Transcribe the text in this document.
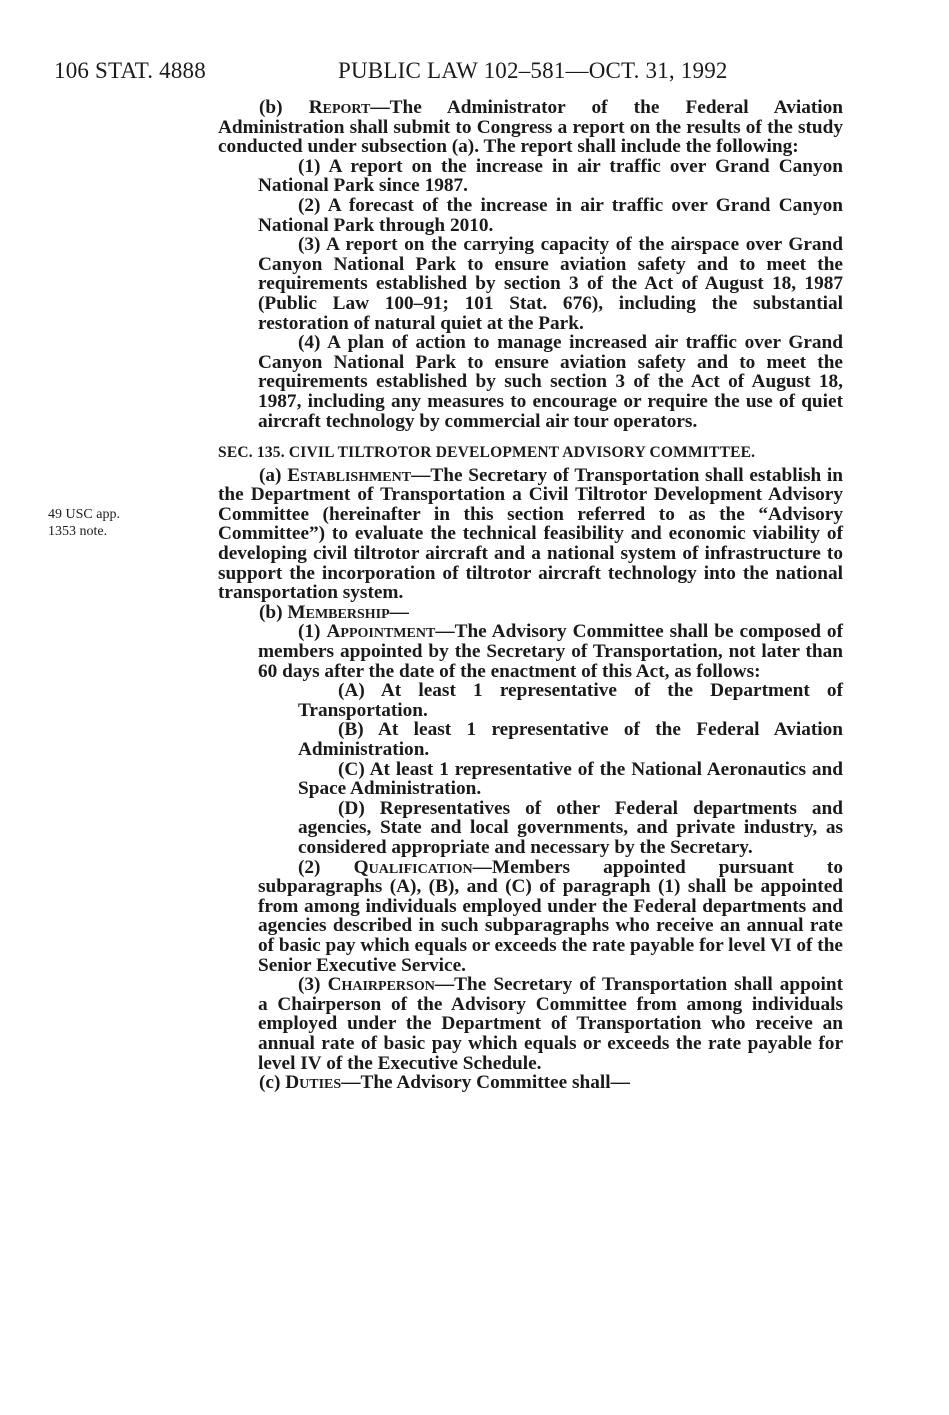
106 STAT. 4888	PUBLIC LAW 102–581—OCT. 31, 1992
49 USC app.
1353 note.

(b) Report—The Administrator of the Federal Aviation Administration shall submit to Congress a report on the results of the study conducted under subsection (a). The report shall include the following:

(1) A report on the increase in air traffic over Grand Canyon National Park since 1987.

(2) A forecast of the increase in air traffic over Grand Canyon National Park through 2010.

(3) A report on the carrying capacity of the airspace over Grand Canyon National Park to ensure aviation safety and to meet the requirements established by section 3 of the Act of August 18, 1987 (Public Law 100–91; 101 Stat. 676), including the substantial restoration of natural quiet at the Park.

(4) A plan of action to manage increased air traffic over Grand Canyon National Park to ensure aviation safety and to meet the requirements established by such section 3 of the Act of August 18, 1987, including any measures to encourage or require the use of quiet aircraft technology by commercial air tour operators.

SEC. 135. CIVIL TILTROTOR DEVELOPMENT ADVISORY COMMITTEE.

(a) Establishment—The Secretary of Transportation shall establish in the Department of Transportation a Civil Tiltrotor Development Advisory Committee (hereinafter in this section referred to as the “Advisory Committee”) to evaluate the technical feasibility and economic viability of developing civil tiltrotor aircraft and a national system of infrastructure to support the incorporation of tiltrotor aircraft technology into the national transportation system.

(b) Membership—

(1) Appointment—The Advisory Committee shall be composed of members appointed by the Secretary of Transportation, not later than 60 days after the date of the enactment of this Act, as follows:

(A) At least 1 representative of the Department of Transportation.

(B) At least 1 representative of the Federal Aviation Administration.

(C) At least 1 representative of the National Aeronautics and Space Administration.

(D) Representatives of other Federal departments and agencies, State and local governments, and private industry, as considered appropriate and necessary by the Secretary.

(2) Qualification—Members appointed pursuant to subparagraphs (A), (B), and (C) of paragraph (1) shall be appointed from among individuals employed under the Federal departments and agencies described in such subparagraphs who receive an annual rate of basic pay which equals or exceeds the rate payable for level VI of the Senior Executive Service.

(3) Chairperson—The Secretary of Transportation shall appoint a Chairperson of the Advisory Committee from among individuals employed under the Department of Transportation who receive an annual rate of basic pay which equals or exceeds the rate payable for level IV of the Executive Schedule.

(c) Duties—The Advisory Committee shall—
